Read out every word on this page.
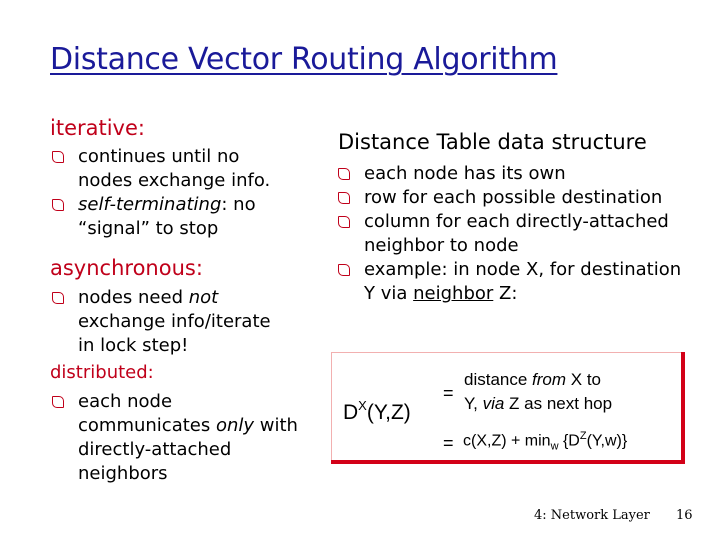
Distance Vector Routing Algorithm
iterative:
continues until no nodes exchange info.
self-terminating: no “signal” to stop
asynchronous:
nodes need not exchange info/iterate in lock step!
distributed:
each node communicates only with directly-attached neighbors
Distance Table data structure
each node has its own
row for each possible destination
column for each directly-attached neighbor to node
example: in node X, for destination Y via neighbor Z:
$D^X(Y,Z)$
=
distance from X to
Y, via Z as next hop
= $c(X,Z) + \min_w \{D^Z(Y,w)\}$
4: Network Layer 16
